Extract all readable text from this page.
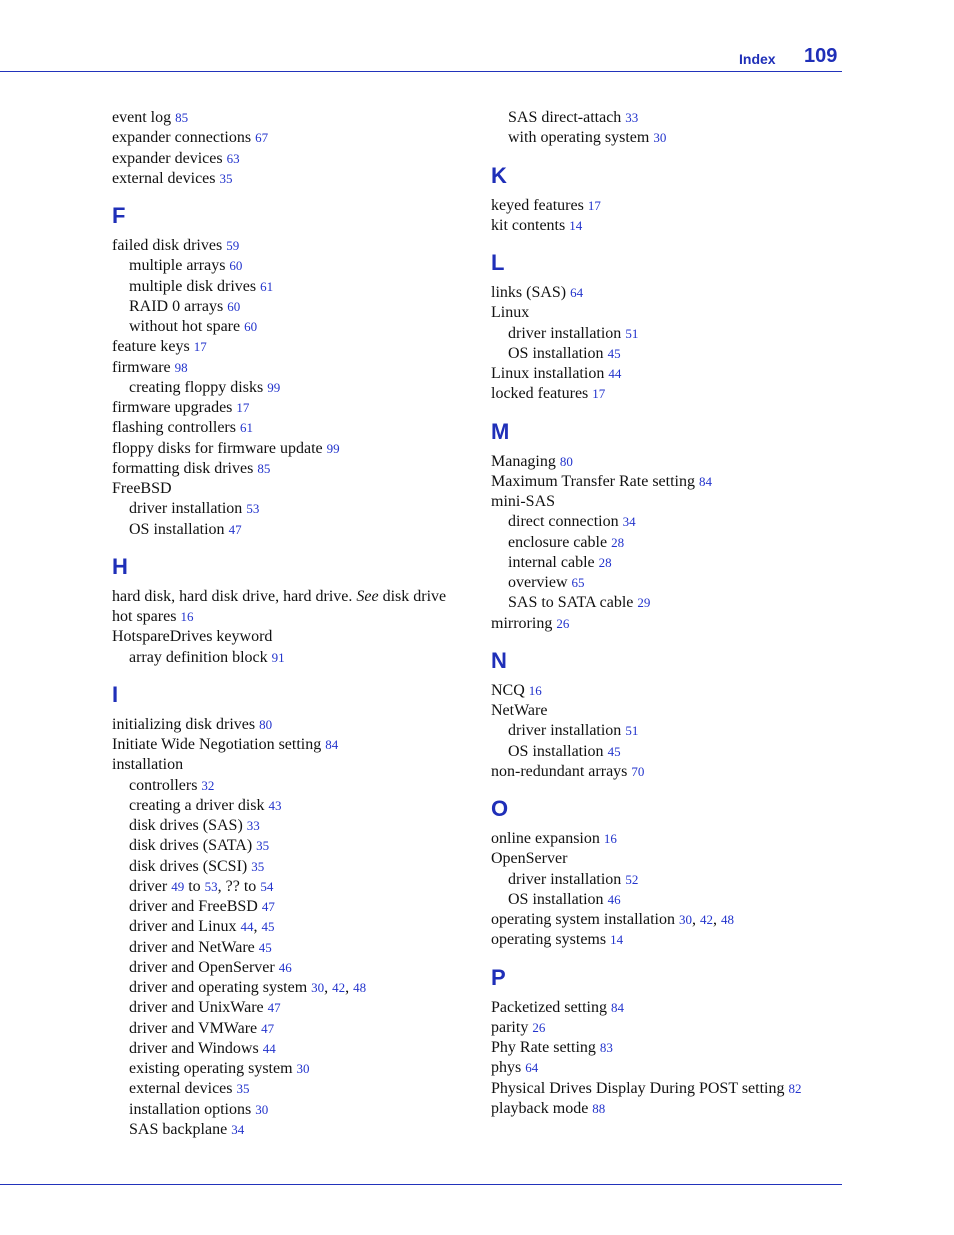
Index 109
event log 85
expander connections 67
expander devices 63
external devices 35
F
failed disk drives 59
multiple arrays 60
multiple disk drives 61
RAID 0 arrays 60
without hot spare 60
feature keys 17
firmware 98
creating floppy disks 99
firmware upgrades 17
flashing controllers 61
floppy disks for firmware update 99
formatting disk drives 85
FreeBSD
driver installation 53
OS installation 47
H
hard disk, hard disk drive, hard drive. See disk drive
hot spares 16
HotspareDrives keyword
array definition block 91
I
initializing disk drives 80
Initiate Wide Negotiation setting 84
installation
controllers 32
creating a driver disk 43
disk drives (SAS) 33
disk drives (SATA) 35
disk drives (SCSI) 35
driver 49 to 53, ?? to 54
driver and FreeBSD 47
driver and Linux 44, 45
driver and NetWare 45
driver and OpenServer 46
driver and operating system 30, 42, 48
driver and UnixWare 47
driver and VMWare 47
driver and Windows 44
existing operating system 30
external devices 35
installation options 30
SAS backplane 34
SAS direct-attach 33
with operating system 30
K
keyed features 17
kit contents 14
L
links (SAS) 64
Linux
driver installation 51
OS installation 45
Linux installation 44
locked features 17
M
Managing 80
Maximum Transfer Rate setting 84
mini-SAS
direct connection 34
enclosure cable 28
internal cable 28
overview 65
SAS to SATA cable 29
mirroring 26
N
NCQ 16
NetWare
driver installation 51
OS installation 45
non-redundant arrays 70
O
online expansion 16
OpenServer
driver installation 52
OS installation 46
operating system installation 30, 42, 48
operating systems 14
P
Packetized setting 84
parity 26
Phy Rate setting 83
phys 64
Physical Drives Display During POST setting 82
playback mode 88
